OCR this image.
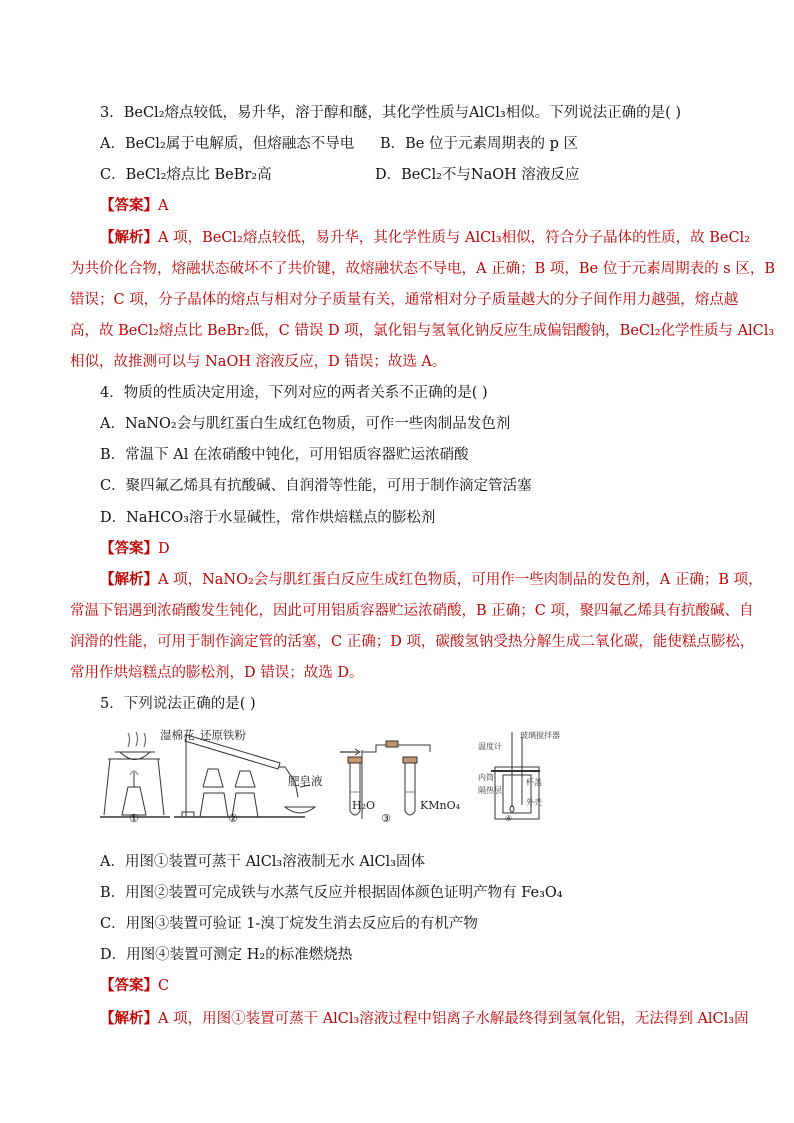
3．BeCl₂熔点较低，易升华，溶于醇和醚，其化学性质与AlCl₃相似。下列说法正确的是( )
A．BeCl₂属于电解质，但熔融态不导电 B．Be 位于元素周期表的 p 区
C．BeCl₂熔点比 BeBr₂高	D．BeCl₂不与NaOH 溶液反应
【答案】A
【解析】A 项，BeCl₂熔点较低，易升华，其化学性质与 AlCl₃相似，符合分子晶体的性质，故 BeCl₂
为共价化合物，熔融状态破坏不了共价键，故熔融状态不导电，A 正确；B 项，Be 位于元素周期表的 s 区，B
错误；C 项，分子晶体的熔点与相对分子质量有关，通常相对分子质量越大的分子间作用力越强，熔点越
高，故 BeCl₂熔点比 BeBr₂低，C 错误 D 项，氯化铝与氢氧化钠反应生成偏铝酸钠，BeCl₂化学性质与 AlCl₃
相似，故推测可以与 NaOH 溶液反应，D 错误；故选 A。
4．物质的性质决定用途，下列对应的两者关系不正确的是( )
A．NaNO₂会与肌红蛋白生成红色物质，可作一些肉制品发色剂
B．常温下 Al 在浓硝酸中钝化，可用铝质容器贮运浓硝酸
C．聚四氟乙烯具有抗酸碱、自润滑等性能，可用于制作滴定管活塞
D．NaHCO₃溶于水显碱性，常作烘焙糕点的膨松剂
【答案】D
【解析】A 项，NaNO₂会与肌红蛋白反应生成红色物质，可用作一些肉制品的发色剂，A 正确；B 项，
常温下铝遇到浓硝酸发生钝化，因此可用铝质容器贮运浓硝酸，B 正确；C 项，聚四氟乙烯具有抗酸碱、自
润滑的性能，可用于制作滴定管的活塞，C 正确；D 项，碳酸氢钠受热分解生成二氧化碳，能使糕点膨松，
常用作烘焙糕点的膨松剂，D 错误；故选 D。
5．下列说法正确的是( )
湿棉花 还原铁粉
肥皂液
H₂O	KMnO₄
温度计
玻璃搅拌器
内筒
隔热层
杯盖
外壳
①	②	③	④
A．用图①装置可蒸干 AlCl₃溶液制无水 AlCl₃固体
B．用图②装置可完成铁与水蒸气反应并根据固体颜色证明产物有 Fe₃O₄
C．用图③装置可验证 1-溴丁烷发生消去反应后的有机产物
D．用图④装置可测定 H₂的标准燃烧热
【答案】C
【解析】A 项，用图①装置可蒸干 AlCl₃溶液过程中铝离子水解最终得到氢氧化铝，无法得到 AlCl₃固
